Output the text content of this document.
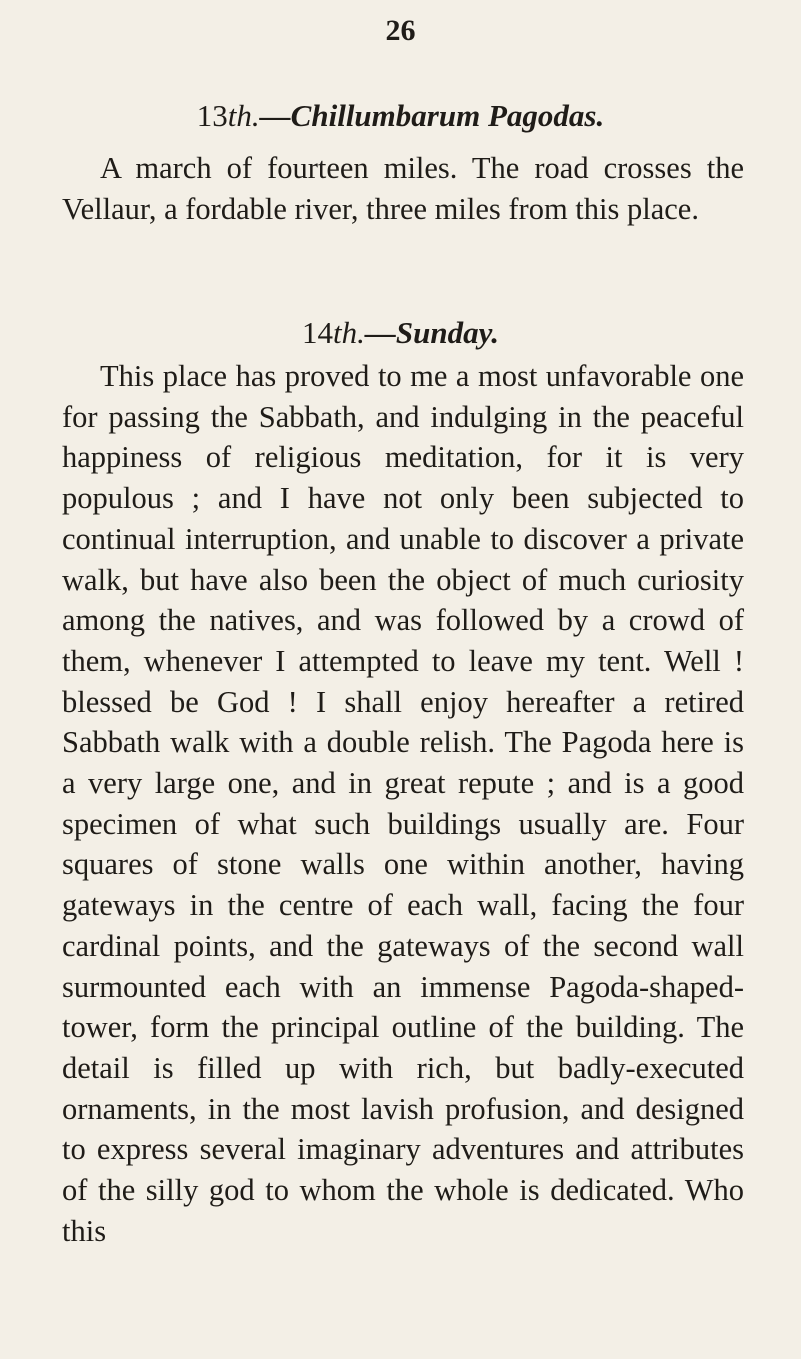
26
13th.—Chillumbarum Pagodas.

A march of fourteen miles. The road crosses the Vellaur, a fordable river, three miles from this place.

14th.—Sunday.

This place has proved to me a most unfavorable one for passing the Sabbath, and indulging in the peaceful happiness of religious meditation, for it is very populous ; and I have not only been subjected to continual interruption, and unable to discover a private walk, but have also been the object of much curiosity among the natives, and was followed by a crowd of them, whenever I attempted to leave my tent. Well ! blessed be God ! I shall enjoy hereafter a retired Sabbath walk with a double relish. The Pagoda here is a very large one, and in great repute ; and is a good specimen of what such buildings usually are. Four squares of stone walls one within another, having gateways in the centre of each wall, facing the four cardinal points, and the gateways of the second wall surmounted each with an immense Pagoda-shaped-tower, form the principal outline of the building. The detail is filled up with rich, but badly-executed ornaments, in the most lavish profusion, and designed to express several imaginary adventures and attributes of the silly god to whom the whole is dedicated. Who this
